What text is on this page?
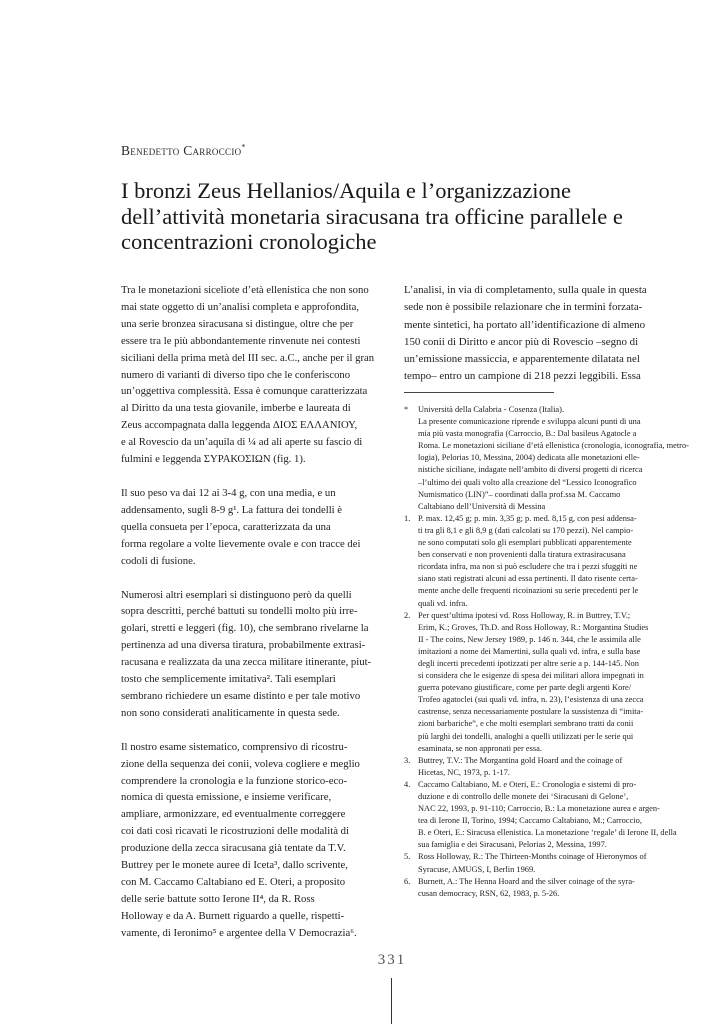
Benedetto Carroccio*
I bronzi Zeus Hellanios/Aquila e l’organizzazione
dell’attività monetaria siracusana tra officine parallele e
concentrazioni cronologiche
Tra le monetazioni siceliote d’età ellenistica che non sono
mai state oggetto di un’analisi completa e approfondita,
una serie bronzea siracusana si distingue, oltre che per
essere tra le più abbondantemente rinvenute nei contesti
siciliani della prima metà del III sec. a.C., anche per il gran
numero di varianti di diverso tipo che le conferiscono
un’oggettiva complessità. Essa è comunque caratterizzata
al Diritto da una testa giovanile, imberbe e laureata di
Zeus accompagnata dalla leggenda ΔΙΟΣ ΕΛΛΑΝΙΟΥ,
e al Rovescio da un’aquila di ¼ ad ali aperte su fascio di
fulmini e leggenda ΣΥΡΑΚΟΣΙΩΝ (fig. 1).
Il suo peso va dai 12 ai 3-4 g, con una media, e un
addensamento, sugli 8-9 g¹. La fattura dei tondelli è
quella consueta per l’epoca, caratterizzata da una
forma regolare a volte lievemente ovale e con tracce dei
codoli di fusione.
Numerosi altri esemplari si distinguono però da quelli
sopra descritti, perché battuti su tondelli molto più irre-
golari, stretti e leggeri (fig. 10), che sembrano rivelarne la
pertinenza ad una diversa tiratura, probabilmente extrasi-
racusana e realizzata da una zecca militare itinerante, piut-
tosto che semplicemente imitativa². Tali esemplari
sembrano richiedere un esame distinto e per tale motivo
non sono considerati analiticamente in questa sede.
Il nostro esame sistematico, comprensivo di ricostru-
zione della sequenza dei conii, voleva cogliere e meglio
comprendere la cronologia e la funzione storico-eco-
nomica di questa emissione, e insieme verificare,
ampliare, armonizzare, ed eventualmente correggere
coi dati così ricavati le ricostruzioni delle modalità di
produzione della zecca siracusana già tentate da T.V.
Buttrey per le monete auree di Iceta³, dallo scrivente,
con M. Caccamo Caltabiano ed E. Oteri, a proposito
delle serie battute sotto Ierone II⁴, da R. Ross
Holloway e da A. Burnett riguardo a quelle, rispetti-
vamente, di Ieronimo⁵ e argentee della V Democrazia⁶.
L’analisi, in via di completamento, sulla quale in questa
sede non è possibile relazionare che in termini forzata-
mente sintetici, ha portato all’identificazione di almeno
150 conii di Diritto e ancor più di Rovescio –segno di
un’emissione massiccia, e apparentemente dilatata nel
tempo– entro un campione di 218 pezzi leggibili. Essa
* Università della Calabria - Cosenza (Italia).
La presente comunicazione riprende e sviluppa alcuni punti di una
mia più vasta monografia (Carroccio, B.: Dal basileus Agatocle a
Roma. Le monetazioni siciliane d’età ellenistica (cronologia, iconografia, metro-
logia), Pelorias 10, Messina, 2004) dedicata alle monetazioni elle-
nistiche siciliane, indagate nell’ambito di diversi progetti di ricerca
–l’ultimo dei quali volto alla creazione del “Lessico Iconografico
Numismatico (LIN)”– coordinati dalla prof.ssa M. Caccamo
Caltabiano dell’Università di Messina
1. P. max. 12,45 g; p. min. 3,35 g; p. med. 8,15 g, con pesi addensa-
ti tra gli 8,1 e gli 8,9 g (dati calcolati su 170 pezzi). Nel campio-
ne sono computati solo gli esemplari pubblicati apparentemente
ben conservati e non provenienti dalla tiratura extrasiracusana
ricordata infra, ma non si può escludere che tra i pezzi sfuggiti ne
siano stati registrati alcuni ad essa pertinenti. Il dato risente certa-
mente anche delle frequenti ricoinazioni su serie precedenti per le
quali vd. infra.
2. Per quest’ultima ipotesi vd. Ross Holloway, R. in Buttrey, T.V.;
Erim, K.; Groves, Th.D. and Ross Holloway, R.: Morgantina Studies
II - The coins, New Jersey 1989, p. 146 n. 344, che le assimila alle
imitazioni a nome dei Mamertini, sulla quali vd. infra, e sulla base
degli incerti precedenti ipotizzati per altre serie a p. 144-145. Non
si considera che le esigenze di spesa dei militari allora impegnati in
guerra potevano giustificare, come per parte degli argenti Kore/
Trofeo agatoclei (sui quali vd. infra, n. 23), l’esistenza di una zecca
castrense, senza necessariamente postulare la sussistenza di “imita-
zioni barbariche”, e che molti esemplari sembrano tratti da conii
più larghi dei tondelli, analoghi a quelli utilizzati per le serie qui
esaminata, se non appronati per essa.
3. Buttrey, T.V.: The Morgantina gold Hoard and the coinage of
Hicetas, NC, 1973, p. 1-17.
4. Caccamo Caltabiano, M. e Oteri, E.: Cronologia e sistemi di pro-
duzione e di controllo delle monete dei ‘Siracusani di Gelone’,
NAC 22, 1993, p. 91-110; Carroccio, B.: La monetazione aurea e argen-
tea di Ierone II, Torino, 1994; Caccamo Caltabiano, M.; Carroccio,
B. e Oteri, E.: Siracusa ellenistica. La monetazione ‘regale’ di Ierone II, della
sua famiglia e dei Siracusani, Pelorias 2, Messina, 1997.
5. Ross Holloway, R.: The Thirteen-Months coinage of Hieronymos of
Syracuse, AMUGS, I, Berlin 1969.
6. Burnett, A.: The Henna Hoard and the silver coinage of the syra-
cusan democracy, RSN, 62, 1983, p. 5-26.
331
